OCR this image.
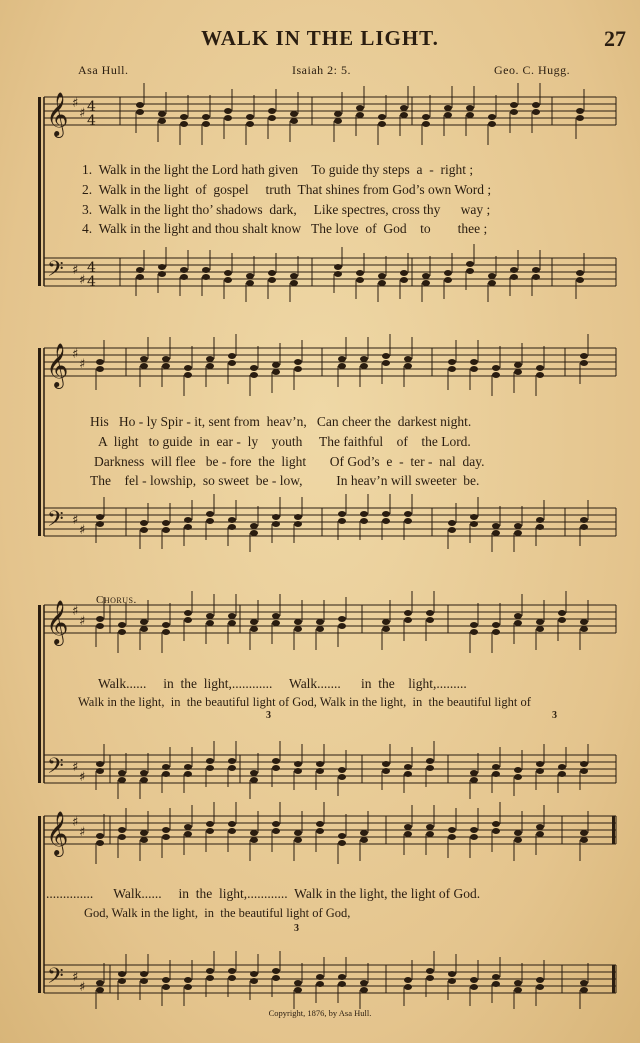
WALK IN THE LIGHT.	27
Asa Hull.	Isaiah 2: 5.	Geo. C. Hugg.
𝄞
𝄢
♯
♯
♯
♯
4
4
4
4
𝄞
𝄢
♯
♯
♯
♯
𝄞
𝄢
♯
♯
♯
♯
𝄞
𝄢
♯
♯
♯
♯
1.  Walk in the light the Lord hath given    To guide thy steps  a  -  right ;
2.  Walk in the light  of  gospel     truth  That shines from God’s own Word ;
3.  Walk in the light tho’ shadows  dark,     Like spectres, cross thy      way ;
4.  Walk in the light and thou shalt know   The love  of  God    to        thee ;
His   Ho - ly Spir - it, sent from  heav’n,   Can cheer the  darkest night.
A  light   to guide  in  ear -  ly    youth     The faithful    of    the Lord.
Darkness  will flee   be - fore  the  light       Of God’s  e  -  ter -  nal  day.
The    fel - lowship,  so sweet  be - low,          In heav’n will sweeter  be.
Chorus.
Walk......     in  the  light,............     Walk.......      in  the    light,.........
Walk in the light,  in  the beautiful light of God, Walk in the light,  in  the beautiful light of
..............      Walk......     in  the  light,............  Walk in the light, the light of God.
God, Walk in the light,  in  the beautiful light of God,
3	3
3
Copyright, 1876, by Asa Hull.
